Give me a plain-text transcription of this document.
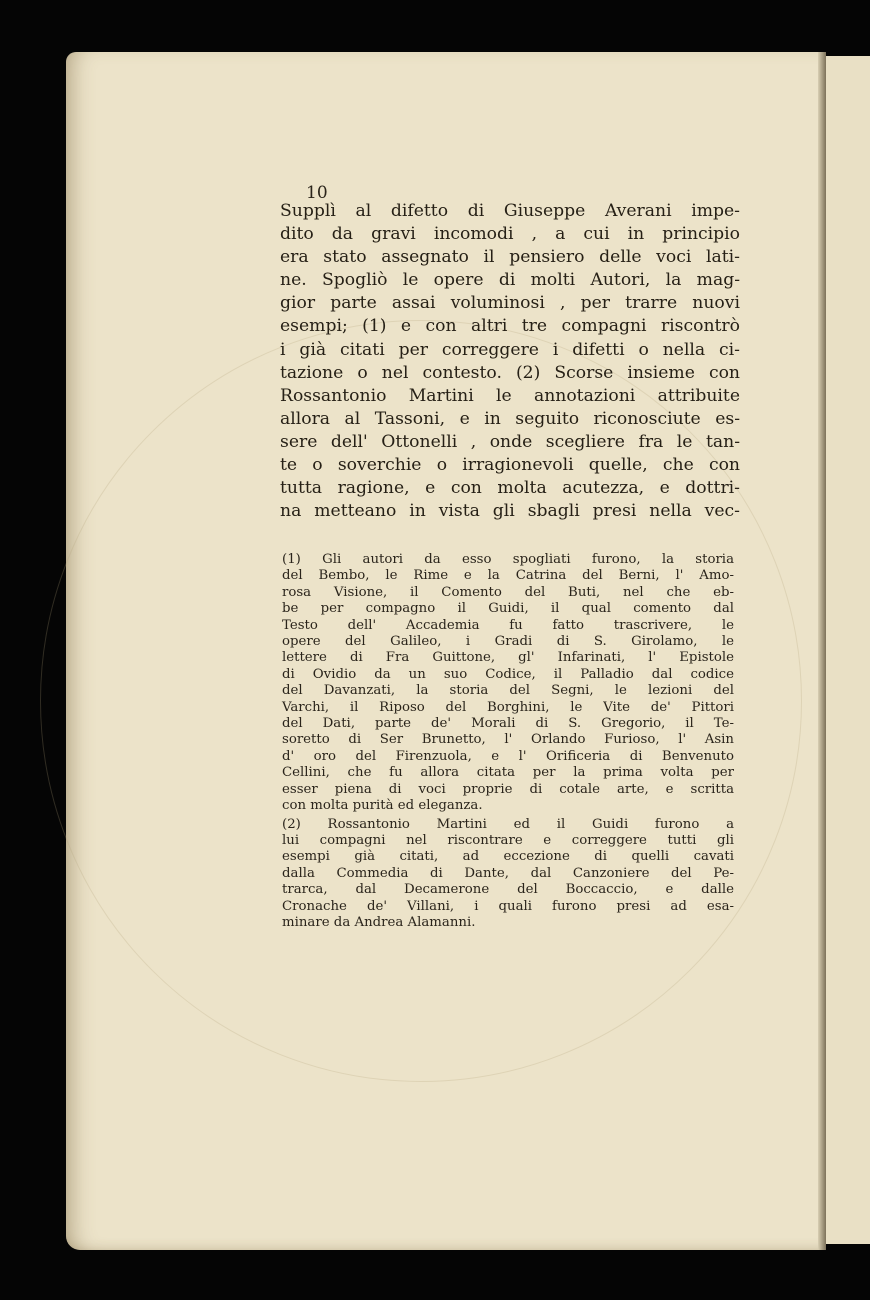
10
Supplì al difetto di Giuseppe Averani impe-
dito da gravi incomodi , a cui in principio
era stato assegnato il pensiero delle voci lati-
ne. Spogliò le opere di molti Autori, la mag-
gior parte assai voluminosi , per trarre nuovi
esempi; (1) e con altri tre compagni riscontrò
i già citati per correggere i difetti o nella ci-
tazione o nel contesto. (2) Scorse insieme con
Rossantonio Martini le annotazioni attribuite
allora al Tassoni, e in seguito riconosciute es-
sere dell' Ottonelli , onde scegliere fra le tan-
te o soverchie o irragionevoli quelle, che con
tutta ragione, e con molta acutezza, e dottri-
na metteano in vista gli sbagli presi nella vec-
(1) Gli autori da esso spogliati furono, la storia
del Bembo, le Rime e la Catrina del Berni, l' Amo-
rosa Visione, il Comento del Buti, nel che eb-
be per compagno il Guidi, il qual comento dal
Testo dell' Accademia fu fatto trascrivere, le
opere del Galileo, i Gradi di S. Girolamo, le
lettere di Fra Guittone, gl' Infarinati, l' Epistole
di Ovidio da un suo Codice, il Palladio dal codice
del Davanzati, la storia del Segni, le lezioni del
Varchi, il Riposo del Borghini, le Vite de' Pittori
del Dati, parte de' Morali di S. Gregorio, il Te-
soretto di Ser Brunetto, l' Orlando Furioso, l' Asin
d' oro del Firenzuola, e l' Orificeria di Benvenuto
Cellini, che fu allora citata per la prima volta per
esser piena di voci proprie di cotale arte, e scritta
con molta purità ed eleganza.
(2) Rossantonio Martini ed il Guidi furono a
lui compagni nel riscontrare e correggere tutti gli
esempi già citati, ad eccezione di quelli cavati
dalla Commedia di Dante, dal Canzoniere del Pe-
trarca, dal Decamerone del Boccaccio, e dalle
Cronache de' Villani, i quali furono presi ad esa-
minare da Andrea Alamanni.
